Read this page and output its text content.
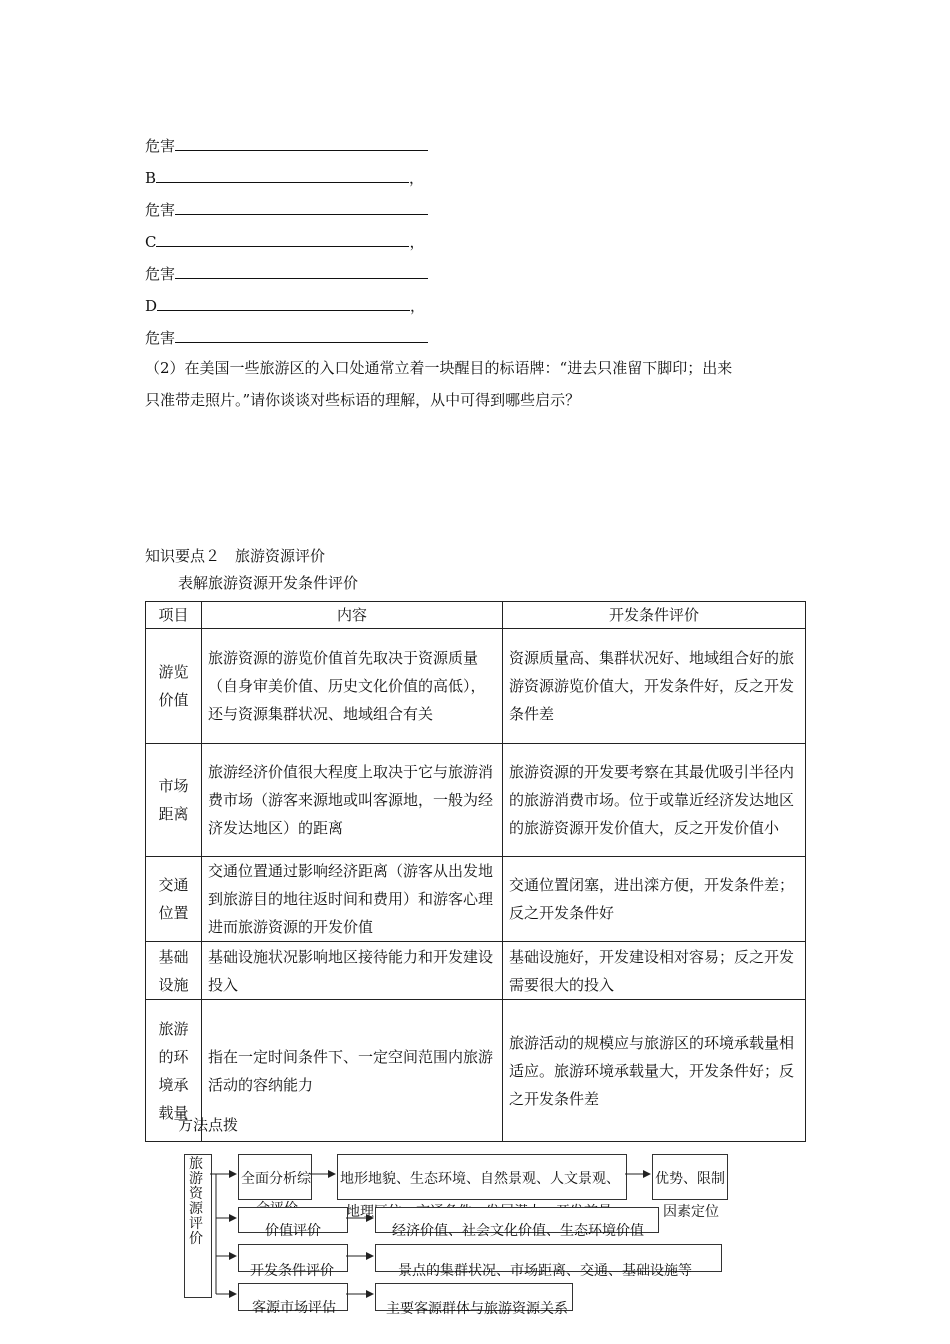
危害
B	，
危害
C	，
危害
D	，
危害
（2）在美国一些旅游区的入口处通常立着一块醒目的标语牌：“进去只准留下脚印；出来
只准带走照片。”请你谈谈对些标语的理解，从中可得到哪些启示？
知识要点２　旅游资源评价
表解旅游资源开发条件评价
项目	内容	开发条件评价
游览价值	旅游资源的游览价值首先取决于资源质量（自身审美价值、历史文化价值的高低），还与资源集群状况、地域组合有关	资源质量高、集群状况好、地域组合好的旅游资源游览价值大，开发条件好，反之开发条件差
市场距离	旅游经济价值很大程度上取决于它与旅游消费市场（游客来源地或叫客源地，一般为经济发达地区）的距离	旅游资源的开发要考察在其最优吸引半径内的旅游消费市场。位于或靠近经济发达地区的旅游资源开发价值大，反之开发价值小
交通位置	交通位置通过影响经济距离（游客从出发地到旅游目的地往返时间和费用）和游客心理进而旅游资源的开发价值	交通位置闭塞，进出滦方便，开发条件差；反之开发条件好
基础设施	基础设施状况影响地区接待能力和开发建设投入	基础设施好，开发建设相对容易；反之开发需要很大的投入
旅游的环境承载量	指在一定时间条件下、一定空间范围内旅游活动的容纳能力	旅游活动的规模应与旅游区的环境承载量相适应。旅游环境承载量大，开发条件好；反之开发条件差
方法点拨
旅游资源评价
全面分析综 地形地貌、生态环境、自然景观、人文景观、	优势、限制
因素定位
价值评价	经济价值、社会文化价值、生态环境价值
开发条件评价	景点的集群状况、市场距离、交通、基础设施等
客源市场评估	主要客源群体与旅游资源关系
